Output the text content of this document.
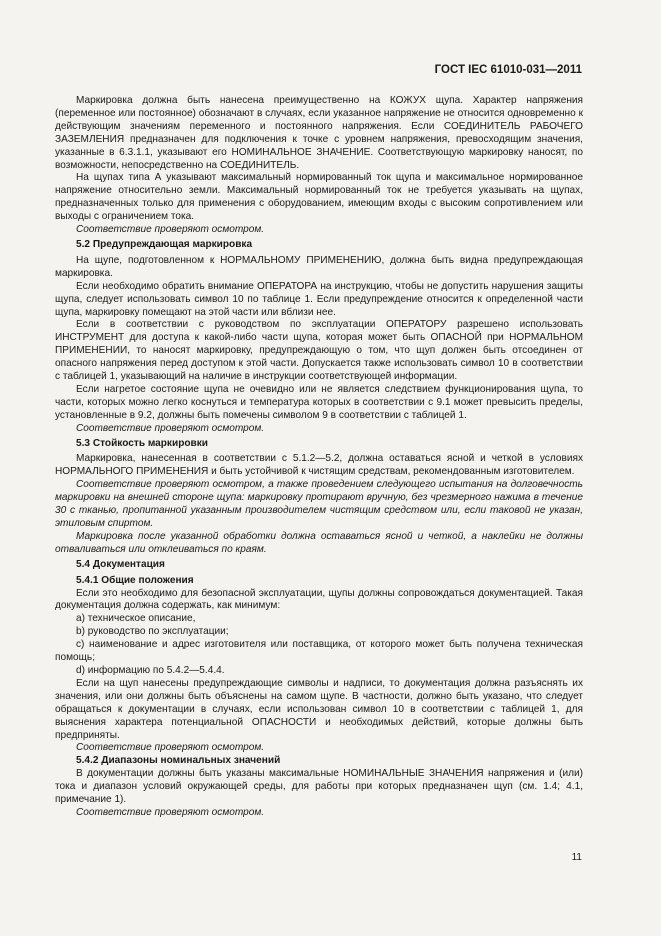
ГОСТ IEC 61010-031—2011

Маркировка должна быть нанесена преимущественно на КОЖУХ щупа. Характер напряжения (переменное или постоянное) обозначают в случаях, если указанное напряжение не относится одновременно к действующим значениям переменного и постоянного напряжения. Если СОЕДИНИТЕЛЬ РАБОЧЕГО ЗАЗЕМЛЕНИЯ предназначен для подключения к точке с уровнем напряжения, превосходящим значения, указанные в 6.3.1.1, указывают его НОМИНАЛЬНОЕ ЗНАЧЕНИЕ. Соответствующую маркировку наносят, по возможности, непосредственно на СОЕДИНИТЕЛЬ.

На щупах типа А указывают максимальный нормированный ток щупа и максимальное нормированное напряжение относительно земли. Максимальный нормированный ток не требуется указывать на щупах, предназначенных только для применения с оборудованием, имеющим входы с высоким сопротивлением или выходы с ограничением тока.

Соответствие проверяют осмотром.

5.2 Предупреждающая маркировка

На щупе, подготовленном к НОРМАЛЬНОМУ ПРИМЕНЕНИЮ, должна быть видна предупреждающая маркировка.

Если необходимо обратить внимание ОПЕРАТОРА на инструкцию, чтобы не допустить нарушения защиты щупа, следует использовать символ 10 по таблице 1. Если предупреждение относится к определенной части щупа, маркировку помещают на этой части или вблизи нее.

Если в соответствии с руководством по эксплуатации ОПЕРАТОРУ разрешено использовать ИНСТРУМЕНТ для доступа к какой-либо части щупа, которая может быть ОПАСНОЙ при НОРМАЛЬНОМ ПРИМЕНЕНИИ, то наносят маркировку, предупреждающую о том, что щуп должен быть отсоединен от опасного напряжения перед доступом к этой части. Допускается также использовать символ 10 в соответствии с таблицей 1, указывающий на наличие в инструкции соответствующей информации.

Если нагретое состояние щупа не очевидно или не является следствием функционирования щупа, то части, которых можно легко коснуться и температура которых в соответствии с 9.1 может превысить пределы, установленные в 9.2, должны быть помечены символом 9 в соответствии с таблицей 1.

Соответствие проверяют осмотром.

5.3 Стойкость маркировки

Маркировка, нанесенная в соответствии с 5.1.2—5.2, должна оставаться ясной и четкой в условиях НОРМАЛЬНОГО ПРИМЕНЕНИЯ и быть устойчивой к чистящим средствам, рекомендованным изготовителем.

Соответствие проверяют осмотром, а также проведением следующего испытания на долговечность маркировки на внешней стороне щупа: маркировку протирают вручную, без чрезмерного нажима в течение 30 с тканью, пропитанной указанным производителем чистящим средством или, если таковой не указан, этиловым спиртом.

Маркировка после указанной обработки должна оставаться ясной и четкой, а наклейки не должны отваливаться или отклеиваться по краям.

5.4 Документация

5.4.1 Общие положения

Если это необходимо для безопасной эксплуатации, щупы должны сопровождаться документацией. Такая документация должна содержать, как минимум:

a) техническое описание,

b) руководство по эксплуатации;

c) наименование и адрес изготовителя или поставщика, от которого может быть получена техническая помощь;

d) информацию по 5.4.2—5.4.4.

Если на щуп нанесены предупреждающие символы и надписи, то документация должна разъяснять их значения, или они должны быть объяснены на самом щупе. В частности, должно быть указано, что следует обращаться к документации в случаях, если использован символ 10 в соответствии с таблицей 1, для выяснения характера потенциальной ОПАСНОСТИ и необходимых действий, которые должны быть предприняты.

Соответствие проверяют осмотром.

5.4.2 Диапазоны номинальных значений

В документации должны быть указаны максимальные НОМИНАЛЬНЫЕ ЗНАЧЕНИЯ напряжения и (или) тока и диапазон условий окружающей среды, для работы при которых предназначен щуп (см. 1.4; 4.1, примечание 1).

Соответствие проверяют осмотром.

11
